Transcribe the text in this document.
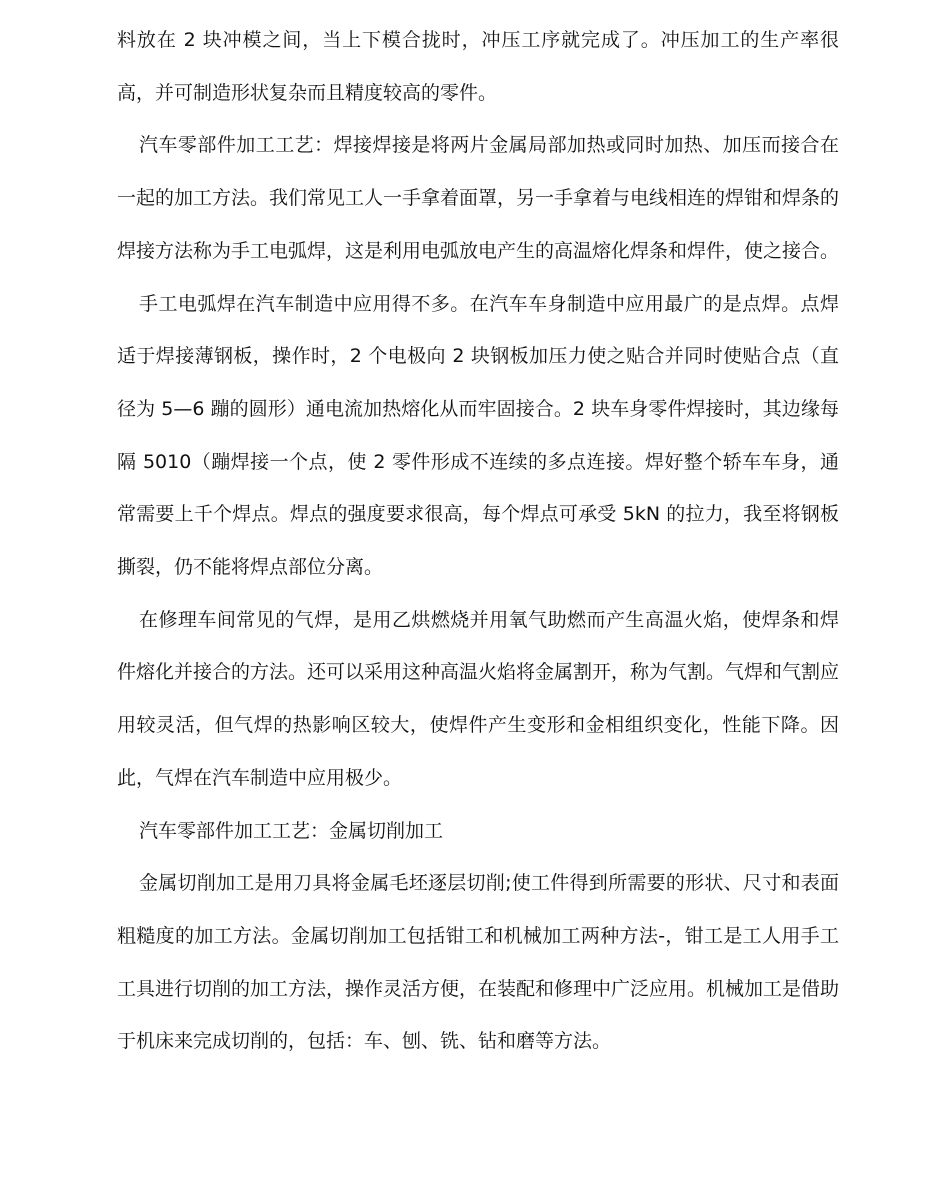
料放在 2 块冲模之间，当上下模合拢时，冲压工序就完成了。冲压加工的生产率很高，并可制造形状复杂而且精度较高的零件。

汽车零部件加工工艺：焊接焊接是将两片金属局部加热或同时加热、加压而接合在一起的加工方法。我们常见工人一手拿着面罩，另一手拿着与电线相连的焊钳和焊条的焊接方法称为手工电弧焊，这是利用电弧放电产生的高温熔化焊条和焊件，使之接合。

手工电弧焊在汽车制造中应用得不多。在汽车车身制造中应用最广的是点焊。点焊适于焊接薄钢板，操作时，2 个电极向 2 块钢板加压力使之贴合并同时使贴合点（直径为 5—6 蹦的圆形）通电流加热熔化从而牢固接合。2 块车身零件焊接时，其边缘每隔 5010（蹦焊接一个点，使 2 零件形成不连续的多点连接。焊好整个轿车车身，通常需要上千个焊点。焊点的强度要求很高，每个焊点可承受 5kN 的拉力，我至将钢板撕裂，仍不能将焊点部位分离。

在修理车间常见的气焊，是用乙烘燃烧并用氧气助燃而产生高温火焰，使焊条和焊件熔化并接合的方法。还可以采用这种高温火焰将金属割开，称为气割。气焊和气割应用较灵活，但气焊的热影响区较大，使焊件产生变形和金相组织变化，性能下降。因此，气焊在汽车制造中应用极少。

汽车零部件加工工艺：金属切削加工

金属切削加工是用刀具将金属毛坯逐层切削;使工件得到所需要的形状、尺寸和表面粗糙度的加工方法。金属切削加工包括钳工和机械加工两种方法-，钳工是工人用手工工具进行切削的加工方法，操作灵活方便，在装配和修理中广泛应用。机械加工是借助于机床来完成切削的，包括：车、刨、铣、钻和磨等方法。
